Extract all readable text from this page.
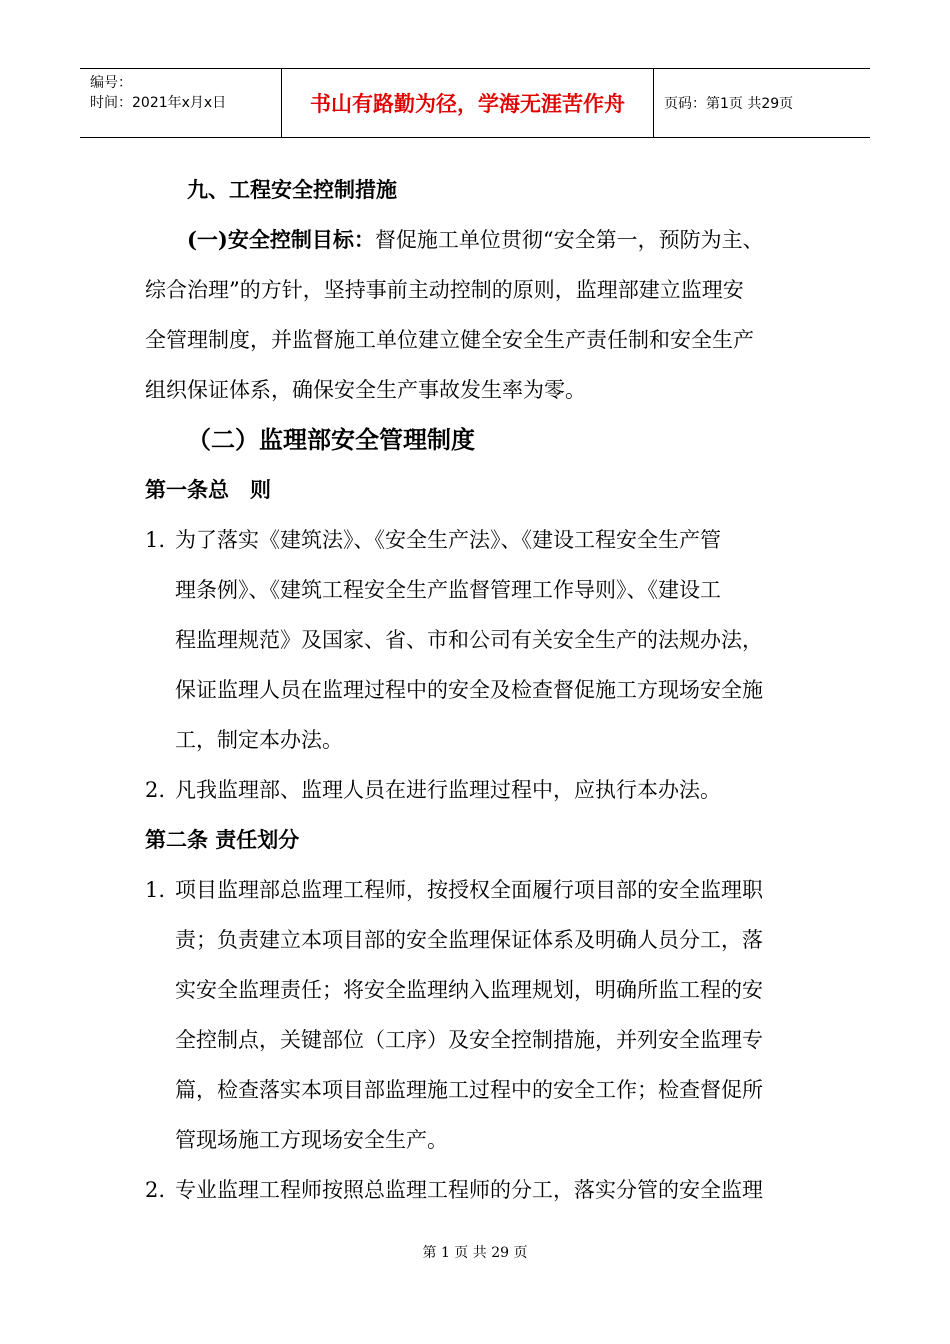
编号：
时间：2021年x月x日	书山有路勤为径，学海无涯苦作舟	页码：第1页 共29页
九、工程安全控制措施
(一)安全控制目标：督促施工单位贯彻“安全第一，预防为主、
综合治理”的方针，坚持事前主动控制的原则，监理部建立监理安
全管理制度，并监督施工单位建立健全安全生产责任制和安全生产
组织保证体系，确保安全生产事故发生率为零。
（二）监理部安全管理制度
第一条总　则
1. 为了落实《建筑法》、《安全生产法》、《建设工程安全生产管
理条例》、《建筑工程安全生产监督管理工作导则》、《建设工
程监理规范》及国家、省、市和公司有关安全生产的法规办法，
保证监理人员在监理过程中的安全及检查督促施工方现场安全施
工，制定本办法。
2. 凡我监理部、监理人员在进行监理过程中，应执行本办法。
第二条 责任划分
1. 项目监理部总监理工程师，按授权全面履行项目部的安全监理职
责；负责建立本项目部的安全监理保证体系及明确人员分工，落
实安全监理责任；将安全监理纳入监理规划，明确所监工程的安
全控制点，关键部位（工序）及安全控制措施，并列安全监理专
篇，检查落实本项目部监理施工过程中的安全工作；检查督促所
管现场施工方现场安全生产。
2. 专业监理工程师按照总监理工程师的分工，落实分管的安全监理
第 1 页 共 29 页
